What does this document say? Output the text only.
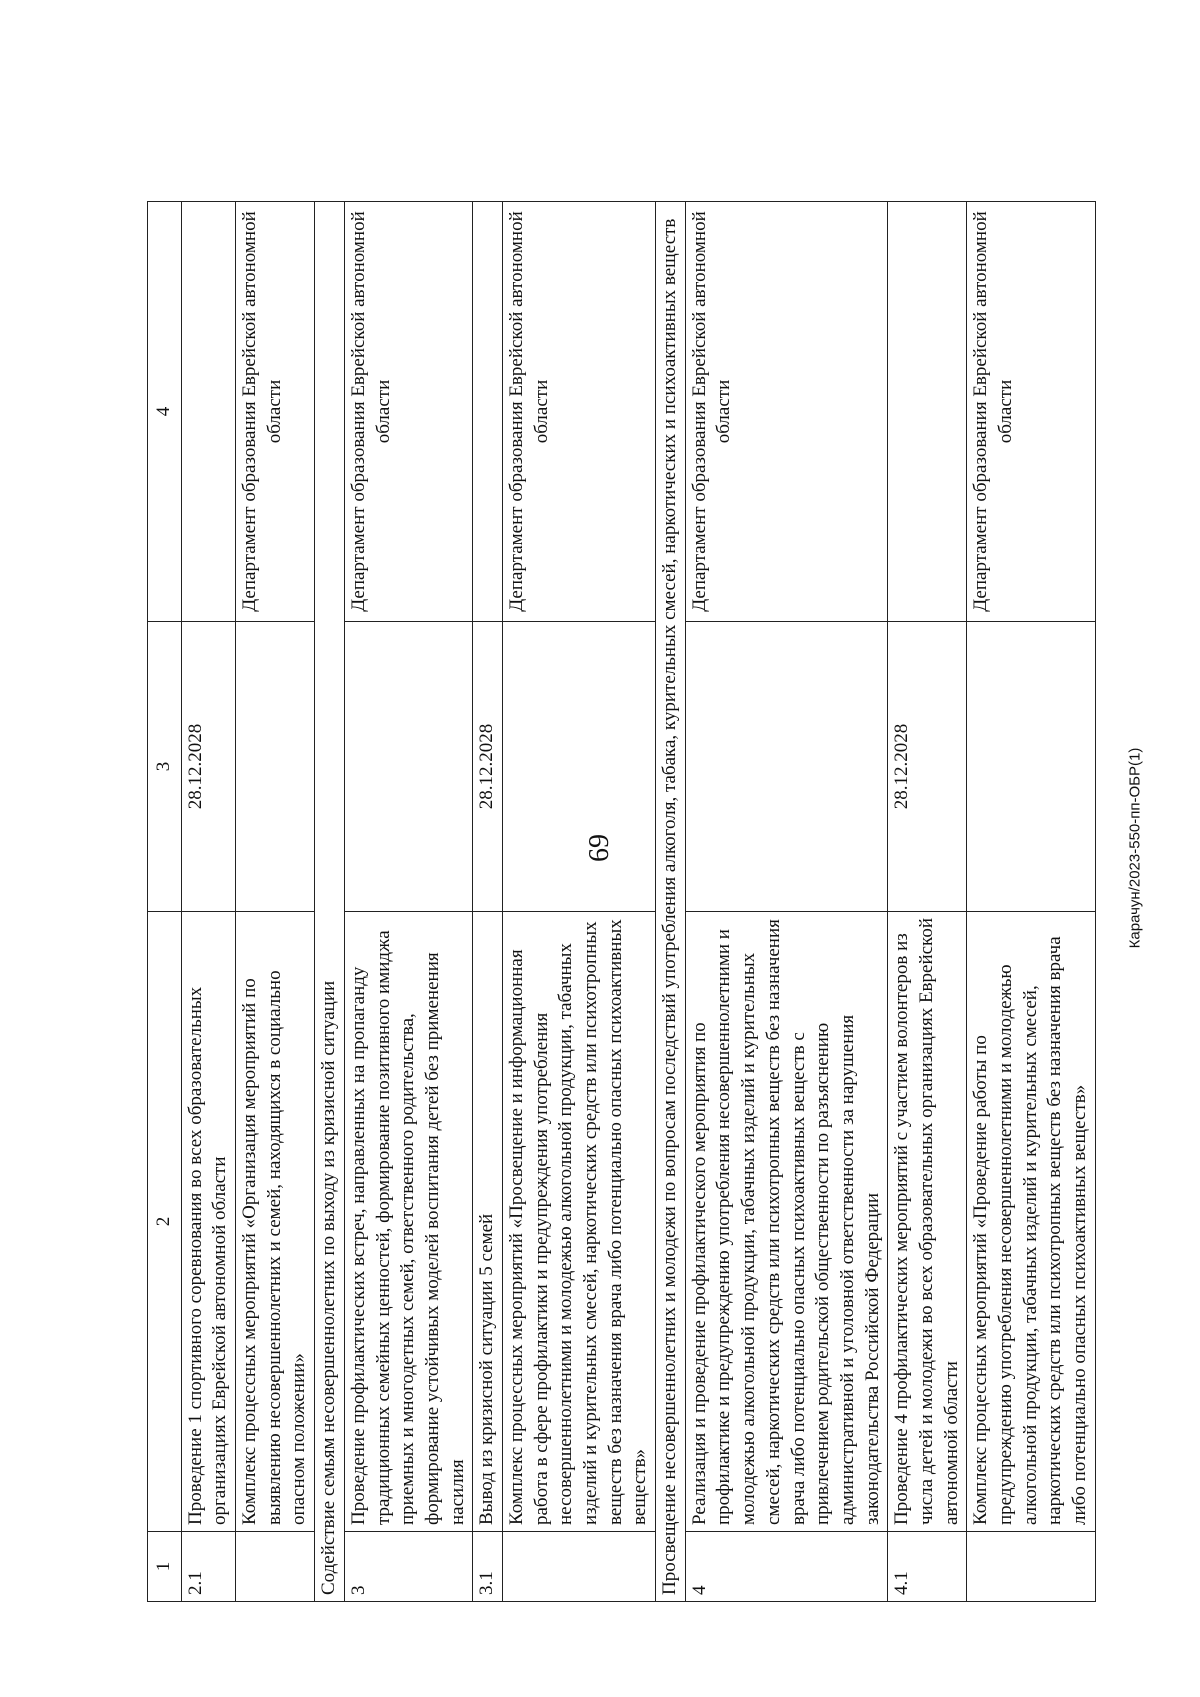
69	Карачун/2023-550-пп-ОБР(1)
1	2	3	4
2.1	Проведение 1 спортивного соревнования во всех образовательных организациях Еврейской автономной области	28.12.2028	
	Комплекс процессных мероприятий «Организация мероприятий по выявлению несовершеннолетних и семей, находящихся в социально опасном положении»		Департамент образования Еврейской автономной области
Содействие семьям несовершеннолетних по выходу из кризисной ситуации			
3	Проведение профилактических встреч, направленных на пропаганду традиционных семейных ценностей, формирование позитивного имиджа приемных и многодетных семей, ответственного родительства, формирование устойчивых моделей воспитания детей без применения насилия		Департамент образования Еврейской автономной области
3.1	Вывод из кризисной ситуации 5 семей	28.12.2028	
	Комплекс процессных мероприятий «Просвещение и информационная работа в сфере профилактики и предупреждения употребления несовершеннолетними и молодежью алкогольной продукции, табачных изделий и курительных смесей, наркотических средств или психотропных веществ без назначения врача либо потенциально опасных психоактивных веществ»		Департамент образования Еврейской автономной области
Просвещение несовершеннолетних и молодежи по вопросам последствий употребления алкоголя, табака, курительных смесей, наркотических и психоактивных веществ			
4	Реализация и проведение профилактического мероприятия по профилактике и предупреждению употребления несовершеннолетними и молодежью алкогольной продукции, табачных изделий и курительных смесей, наркотических средств или психотропных веществ без назначения врача либо потенциально опасных психоактивных веществ с привлечением родительской общественности по разъяснению административной и уголовной ответственности за нарушения законодательства Российской Федерации		Департамент образования Еврейской автономной области
4.1	Проведение 4 профилактических мероприятий с участием волонтеров из числа детей и молодежи во всех образовательных организациях Еврейской автономной области	28.12.2028	
	Комплекс процессных мероприятий «Проведение работы по предупреждению употребления несовершеннолетними и молодежью алкогольной продукции, табачных изделий и курительных смесей, наркотических средств или психотропных веществ без назначения врача либо потенциально опасных психоактивных веществ»		Департамент образования Еврейской автономной области
